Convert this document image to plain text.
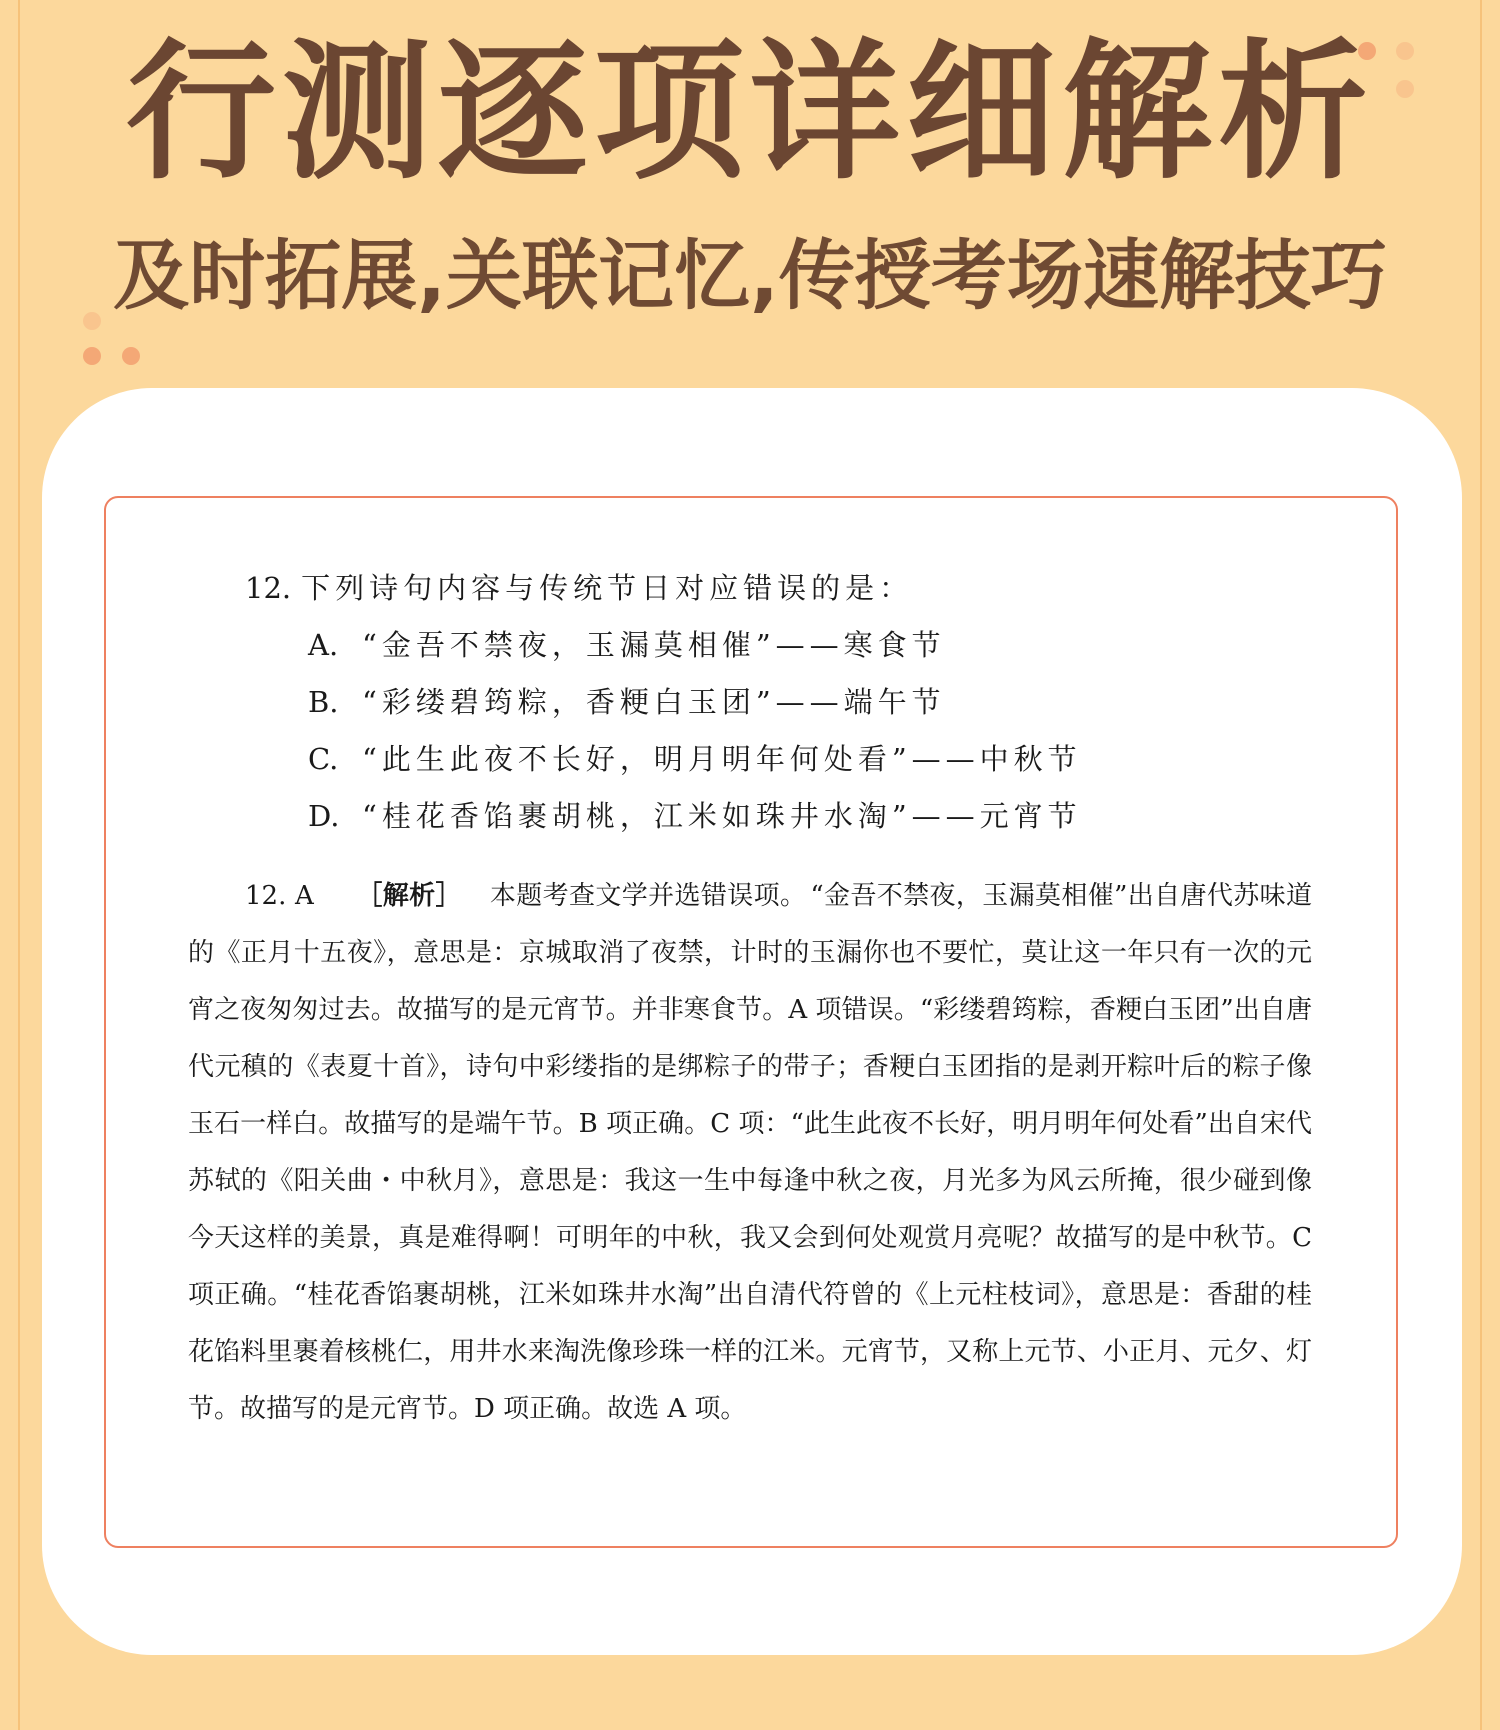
行测逐项详细解析
及时拓展,关联记忆,传授考场速解技巧
12. 下列诗句内容与传统节日对应错误的是：
A. “金吾不禁夜，玉漏莫相催”——寒食节
B. “彩缕碧筠粽，香粳白玉团”——端午节
C. “此生此夜不长好，明月明年何处看”——中秋节
D. “桂花香馅裹胡桃，江米如珠井水淘”——元宵节
12. A ［解析］ 本题考查文学并选错误项。 “金吾不禁夜，玉漏莫相催”出自唐代苏味道的《正月十五夜》，意思是：京城取消了夜禁，计时的玉漏你也不要忙，莫让这一年只有一次的元宵之夜匆匆过去。故描写的是元宵节。并非寒食节。A 项错误。“彩缕碧筠粽，香粳白玉团”出自唐代元稹的《表夏十首》，诗句中彩缕指的是绑粽子的带子；香粳白玉团指的是剥开粽叶后的粽子像玉石一样白。故描写的是端午节。B 项正确。C 项：“此生此夜不长好，明月明年何处看”出自宋代苏轼的《阳关曲・中秋月》，意思是：我这一生中每逢中秋之夜，月光多为风云所掩，很少碰到像今天这样的美景，真是难得啊！可明年的中秋，我又会到何处观赏月亮呢？故描写的是中秋节。C 项正确。“桂花香馅裹胡桃，江米如珠井水淘”出自清代符曾的《上元柱枝词》，意思是：香甜的桂花馅料里裹着核桃仁，用井水来淘洗像珍珠一样的江米。元宵节，又称上元节、小正月、元夕、灯节。故描写的是元宵节。D 项正确。故选 A 项。
